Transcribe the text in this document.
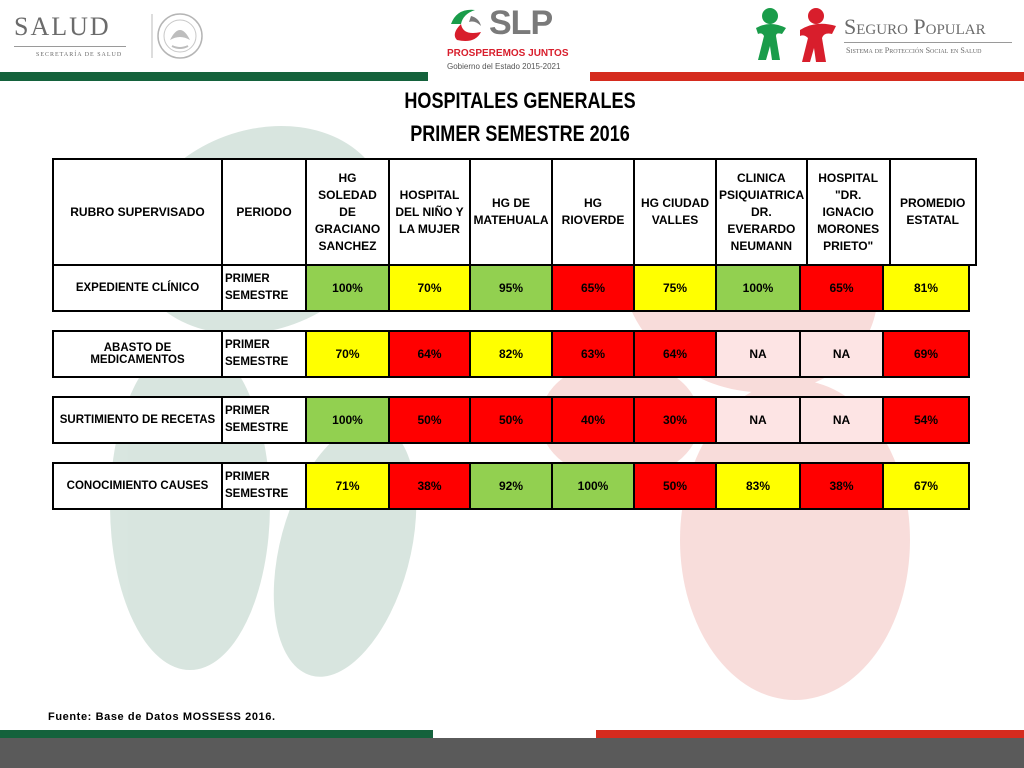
SALUD
SECRETARÍA DE SALUD
SLP
PROSPEREMOS JUNTOS
Gobierno del Estado 2015-2021
Seguro Popular
Sistema de Protección Social en Salud
HOSPITALES GENERALES
PRIMER SEMESTRE 2016
RUBRO SUPERVISADO	PERIODO	HG SOLEDAD DE GRACIANO SANCHEZ	HOSPITAL DEL NIÑO Y LA MUJER	HG DE MATEHUALA	HG RIOVERDE	HG CIUDAD VALLES	CLINICA PSIQUIATRICA DR. EVERARDO NEUMANN	HOSPITAL "DR. IGNACIO MORONES PRIETO"	PROMEDIO ESTATAL
EXPEDIENTE CLÍNICO	PRIMER SEMESTRE	100%	70%	95%	65%	75%	100%	65%	81%
ABASTO DE MEDICAMENTOS	PRIMER SEMESTRE	70%	64%	82%	63%	64%	NA	NA	69%
SURTIMIENTO DE RECETAS	PRIMER SEMESTRE	100%	50%	50%	40%	30%	NA	NA	54%
CONOCIMIENTO CAUSES	PRIMER SEMESTRE	71%	38%	92%	100%	50%	83%	38%	67%
Fuente: Base de Datos MOSSESS 2016.
